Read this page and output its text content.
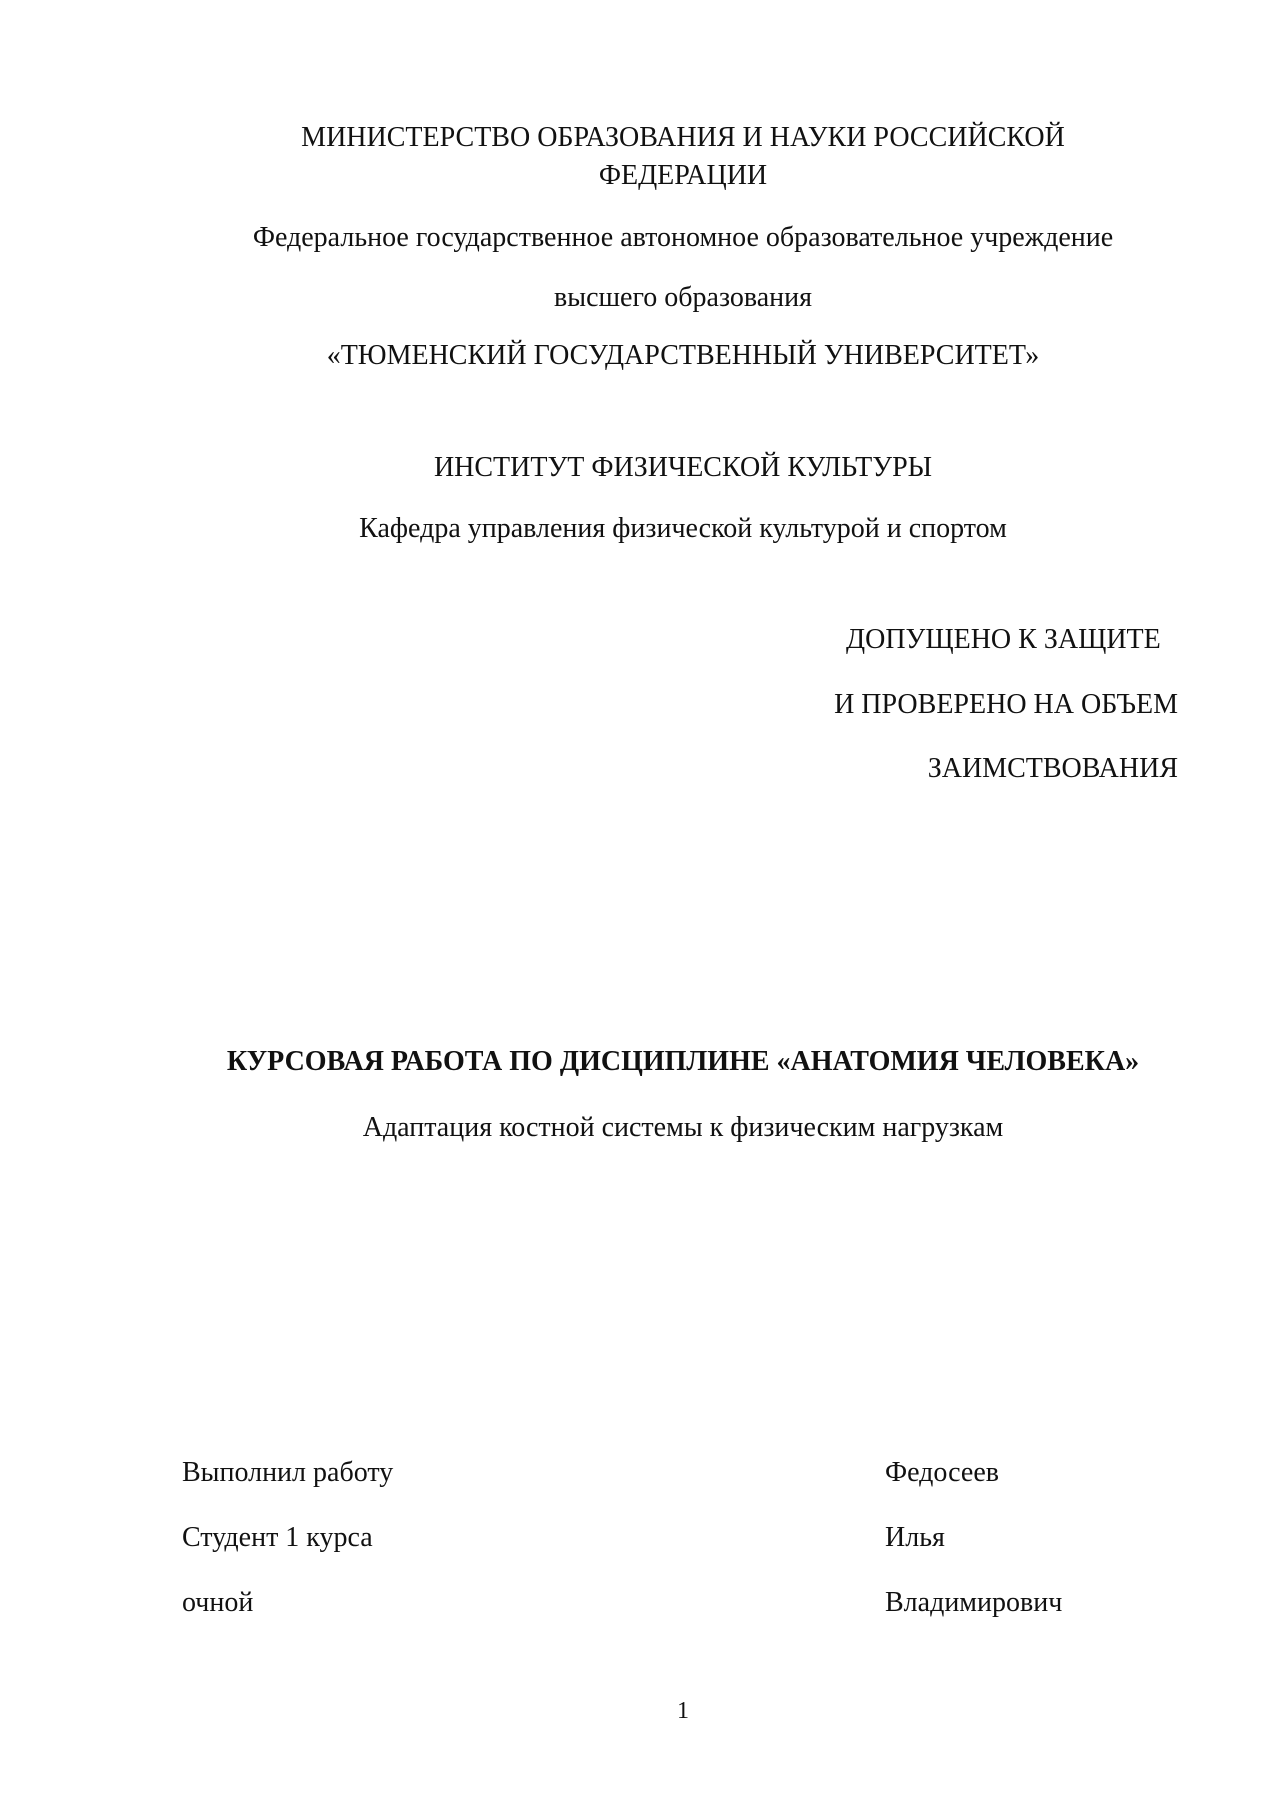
МИНИСТЕРСТВО ОБРАЗОВАНИЯ И НАУКИ РОССИЙСКОЙ ФЕДЕРАЦИИ
Федеральное государственное автономное образовательное учреждение
высшего образования
«ТЮМЕНСКИЙ ГОСУДАРСТВЕННЫЙ УНИВЕРСИТЕТ»
ИНСТИТУТ ФИЗИЧЕСКОЙ КУЛЬТУРЫ
Кафедра управления физической культурой и спортом
ДОПУЩЕНО К ЗАЩИТЕ
И ПРОВЕРЕНО НА ОБЪЕМ
ЗАИМСТВОВАНИЯ
КУРСОВАЯ РАБОТА ПО ДИСЦИПЛИНЕ «АНАТОМИЯ ЧЕЛОВЕКА»
Адаптация костной системы к физическим нагрузкам
Выполнил работу
Студент 1 курса
очной
Федосеев
Илья
Владимирович
1
